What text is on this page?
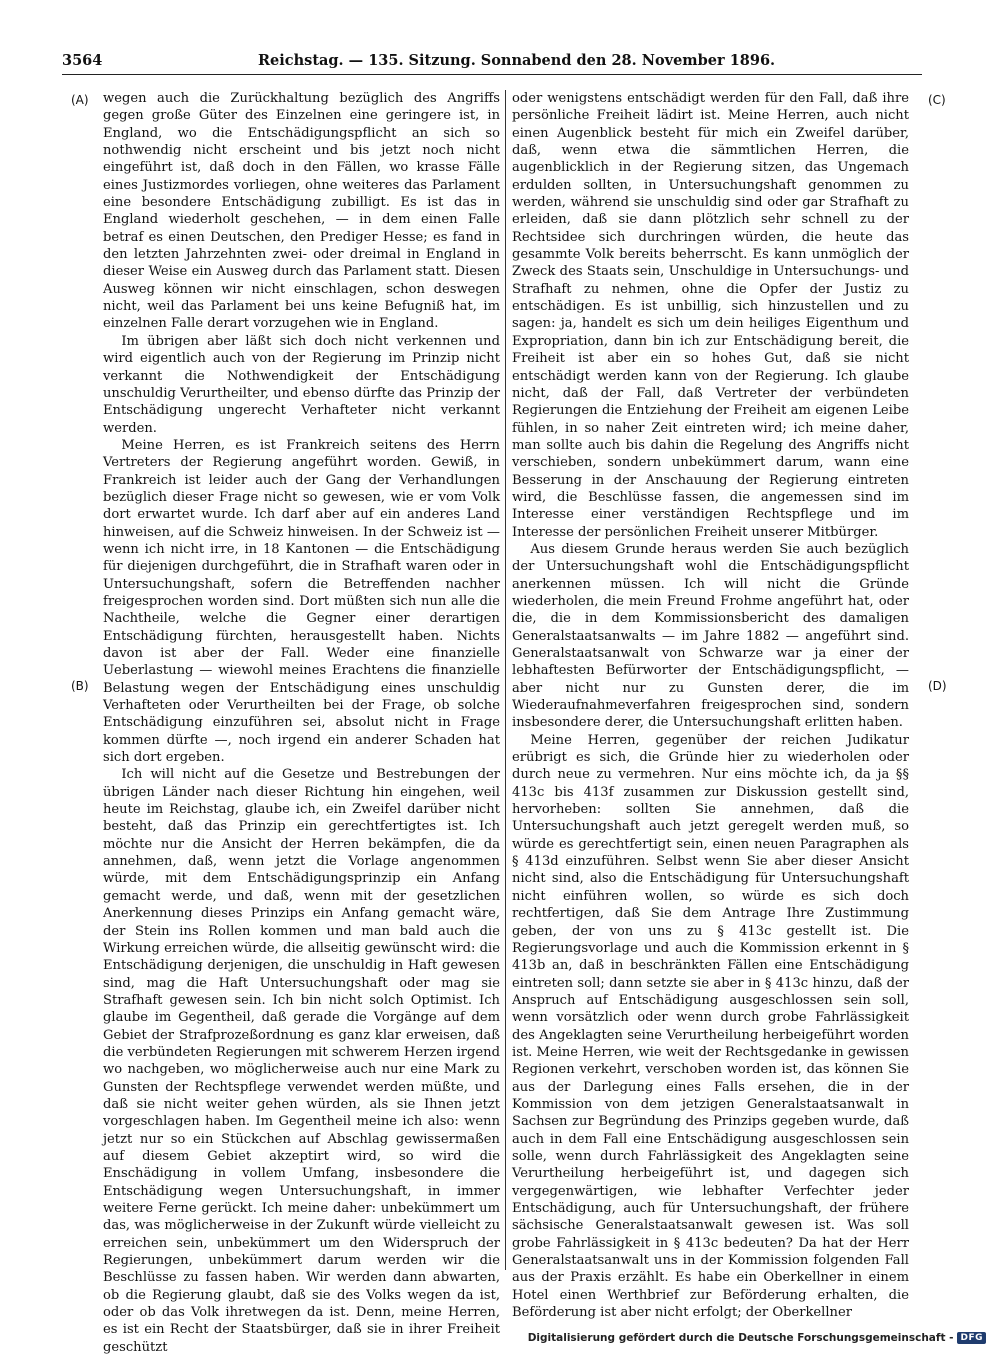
3564	Reichstag. — 135. Sitzung. Sonnabend den 28. November 1896.
(A)
(B)
(C)
(D)

wegen auch die Zurückhaltung bezüglich des Angriffs gegen große Güter des Einzelnen eine geringere ist, in England, wo die Entschädigungspflicht an sich so nothwendig nicht erscheint und bis jetzt noch nicht eingeführt ist, daß doch in den Fällen, wo krasse Fälle eines Justizmordes vorliegen, ohne weiteres das Parlament eine besondere Entschädigung zubilligt. Es ist das in England wiederholt geschehen, — in dem einen Falle betraf es einen Deutschen, den Prediger Hesse; es fand in den letzten Jahrzehnten zwei- oder dreimal in England in dieser Weise ein Ausweg durch das Parlament statt. Diesen Ausweg können wir nicht einschlagen, schon deswegen nicht, weil das Parlament bei uns keine Befugniß hat, im einzelnen Falle derart vorzugehen wie in England.

Im übrigen aber läßt sich doch nicht verkennen und wird eigentlich auch von der Regierung im Prinzip nicht verkannt die Nothwendigkeit der Entschädigung unschuldig Verurtheilter, und ebenso dürfte das Prinzip der Entschädigung ungerecht Verhafteter nicht verkannt werden.

Meine Herren, es ist Frankreich seitens des Herrn Vertreters der Regierung angeführt worden. Gewiß, in Frankreich ist leider auch der Gang der Verhandlungen bezüglich dieser Frage nicht so gewesen, wie er vom Volk dort erwartet wurde. Ich darf aber auf ein anderes Land hinweisen, auf die Schweiz hinweisen. In der Schweiz ist — wenn ich nicht irre, in 18 Kantonen — die Entschädigung für diejenigen durchgeführt, die in Strafhaft waren oder in Untersuchungshaft, sofern die Betreffenden nachher freigesprochen worden sind. Dort müßten sich nun alle die Nachtheile, welche die Gegner einer derartigen Entschädigung fürchten, herausgestellt haben. Nichts davon ist aber der Fall. Weder eine finanzielle Ueberlastung — wiewohl meines Erachtens die finanzielle Belastung wegen der Entschädigung eines unschuldig Verhafteten oder Verurtheilten bei der Frage, ob solche Entschädigung einzuführen sei, absolut nicht in Frage kommen dürfte —, noch irgend ein anderer Schaden hat sich dort ergeben.

Ich will nicht auf die Gesetze und Bestrebungen der übrigen Länder nach dieser Richtung hin eingehen, weil heute im Reichstag, glaube ich, ein Zweifel darüber nicht besteht, daß das Prinzip ein gerechtfertigtes ist. Ich möchte nur die Ansicht der Herren bekämpfen, die da annehmen, daß, wenn jetzt die Vorlage angenommen würde, mit dem Entschädigungsprinzip ein Anfang gemacht werde, und daß, wenn mit der gesetzlichen Anerkennung dieses Prinzips ein Anfang gemacht wäre, der Stein ins Rollen kommen und man bald auch die Wirkung erreichen würde, die allseitig gewünscht wird: die Entschädigung derjenigen, die unschuldig in Haft gewesen sind, mag die Haft Untersuchungshaft oder mag sie Strafhaft gewesen sein. Ich bin nicht solch Optimist. Ich glaube im Gegentheil, daß gerade die Vorgänge auf dem Gebiet der Strafprozeßordnung es ganz klar erweisen, daß die verbündeten Regierungen mit schwerem Herzen irgend wo nachgeben, wo möglicherweise auch nur eine Mark zu Gunsten der Rechtspflege verwendet werden müßte, und daß sie nicht weiter gehen würden, als sie Ihnen jetzt vorgeschlagen haben. Im Gegentheil meine ich also: wenn jetzt nur so ein Stückchen auf Abschlag gewissermaßen auf diesem Gebiet akzeptirt wird, so wird die Enschädigung in vollem Umfang, insbesondere die Entschädigung wegen Untersuchungshaft, in immer weitere Ferne gerückt. Ich meine daher: unbekümmert um das, was möglicherweise in der Zukunft würde vielleicht zu erreichen sein, unbekümmert um den Widerspruch der Regierungen, unbekümmert darum werden wir die Beschlüsse zu fassen haben. Wir werden dann abwarten, ob die Regierung glaubt, daß sie des Volks wegen da ist, oder ob das Volk ihretwegen da ist. Denn, meine Herren, es ist ein Recht der Staatsbürger, daß sie in ihrer Freiheit geschützt

oder wenigstens entschädigt werden für den Fall, daß ihre persönliche Freiheit lädirt ist. Meine Herren, auch nicht einen Augenblick besteht für mich ein Zweifel darüber, daß, wenn etwa die sämmtlichen Herren, die augenblicklich in der Regierung sitzen, das Ungemach erdulden sollten, in Untersuchungshaft genommen zu werden, während sie unschuldig sind oder gar Strafhaft zu erleiden, daß sie dann plötzlich sehr schnell zu der Rechtsidee sich durchringen würden, die heute das gesammte Volk bereits beherrscht. Es kann unmöglich der Zweck des Staats sein, Unschuldige in Untersuchungs- und Strafhaft zu nehmen, ohne die Opfer der Justiz zu entschädigen. Es ist unbillig, sich hinzustellen und zu sagen: ja, handelt es sich um dein heiliges Eigenthum und Expropriation, dann bin ich zur Entschädigung bereit, die Freiheit ist aber ein so hohes Gut, daß sie nicht entschädigt werden kann von der Regierung. Ich glaube nicht, daß der Fall, daß Vertreter der verbündeten Regierungen die Entziehung der Freiheit am eigenen Leibe fühlen, in so naher Zeit eintreten wird; ich meine daher, man sollte auch bis dahin die Regelung des Angriffs nicht verschieben, sondern unbekümmert darum, wann eine Besserung in der Anschauung der Regierung eintreten wird, die Beschlüsse fassen, die angemessen sind im Interesse einer verständigen Rechtspflege und im Interesse der persönlichen Freiheit unserer Mitbürger.

Aus diesem Grunde heraus werden Sie auch bezüglich der Untersuchungshaft wohl die Entschädigungspflicht anerkennen müssen. Ich will nicht die Gründe wiederholen, die mein Freund Frohme angeführt hat, oder die, die in dem Kommissionsbericht des damaligen Generalstaatsanwalts — im Jahre 1882 — angeführt sind. Generalstaatsanwalt von Schwarze war ja einer der lebhaftesten Befürworter der Entschädigungspflicht, — aber nicht nur zu Gunsten derer, die im Wiederaufnahmeverfahren freigesprochen sind, sondern insbesondere derer, die Untersuchungshaft erlitten haben.

Meine Herren, gegenüber der reichen Judikatur erübrigt es sich, die Gründe hier zu wiederholen oder durch neue zu vermehren. Nur eins möchte ich, da ja §§ 413c bis 413f zusammen zur Diskussion gestellt sind, hervorheben: sollten Sie annehmen, daß die Untersuchungshaft auch jetzt geregelt werden muß, so würde es gerechtfertigt sein, einen neuen Paragraphen als § 413d einzuführen. Selbst wenn Sie aber dieser Ansicht nicht sind, also die Entschädigung für Untersuchungshaft nicht einführen wollen, so würde es sich doch rechtfertigen, daß Sie dem Antrage Ihre Zustimmung geben, der von uns zu § 413c gestellt ist. Die Regierungsvorlage und auch die Kommission erkennt in § 413b an, daß in beschränkten Fällen eine Entschädigung eintreten soll; dann setzte sie aber in § 413c hinzu, daß der Anspruch auf Entschädigung ausgeschlossen sein soll, wenn vorsätzlich oder wenn durch grobe Fahrlässigkeit des Angeklagten seine Verurtheilung herbeigeführt worden ist. Meine Herren, wie weit der Rechtsgedanke in gewissen Regionen verkehrt, verschoben worden ist, das können Sie aus der Darlegung eines Falls ersehen, die in der Kommission von dem jetzigen Generalstaatsanwalt in Sachsen zur Begründung des Prinzips gegeben wurde, daß auch in dem Fall eine Entschädigung ausgeschlossen sein solle, wenn durch Fahrlässigkeit des Angeklagten seine Verurtheilung herbeigeführt ist, und dagegen sich vergegenwärtigen, wie lebhafter Verfechter jeder Entschädigung, auch für Untersuchungshaft, der frühere sächsische Generalstaatsanwalt gewesen ist. Was soll grobe Fahrlässigkeit in § 413c bedeuten? Da hat der Herr Generalstaatsanwalt uns in der Kommission folgenden Fall aus der Praxis erzählt. Es habe ein Oberkellner in einem Hotel einen Werthbrief zur Beförderung erhalten, die Beförderung ist aber nicht erfolgt; der Oberkellner

Digitalisierung gefördert durch die Deutsche Forschungsgemeinschaft - DFG
